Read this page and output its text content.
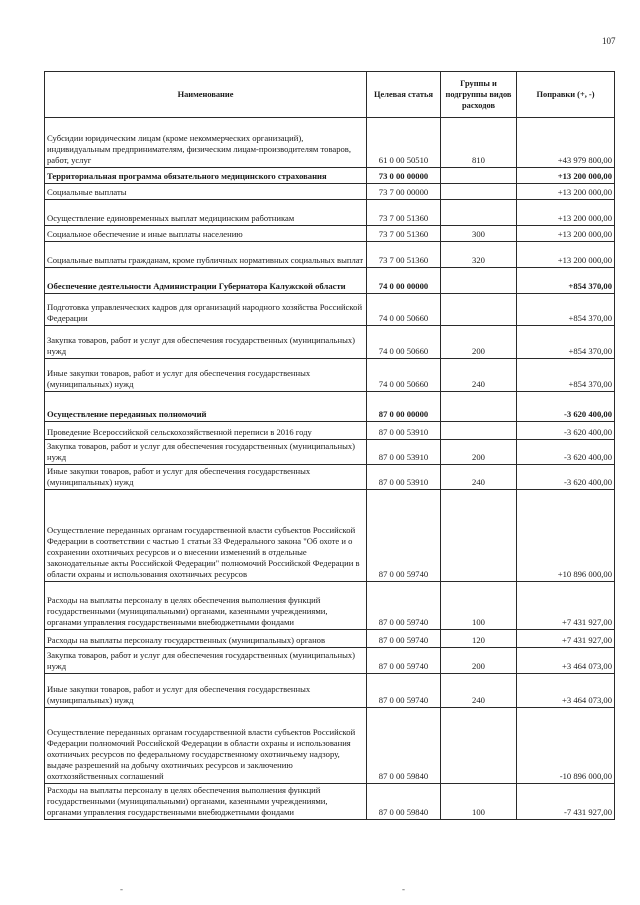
107
Наименование	Целевая статья	Группы и подгруппы видов расходов	Поправки (+, -)
Субсидии юридическим лицам (кроме некоммерческих организаций), индивидуальным предпринимателям, физическим лицам-производителям товаров, работ, услуг	61 0 00 50510	810	+43 979 800,00
Территориальная программа обязательного медицинского страхования	73 0 00 00000		+13 200 000,00
Социальные выплаты	73 7 00 00000		+13 200 000,00
Осуществление единовременных выплат медицинским работникам	73 7 00 51360		+13 200 000,00
Социальное обеспечение и иные выплаты населению	73 7 00 51360	300	+13 200 000,00
Социальные выплаты гражданам, кроме публичных нормативных социальных выплат	73 7 00 51360	320	+13 200 000,00
Обеспечение деятельности Администрации Губернатора Калужской области	74 0 00 00000		+854 370,00
Подготовка управленческих кадров для организаций народного хозяйства Российской Федерации	74 0 00 50660		+854 370,00
Закупка товаров, работ и услуг для обеспечения государственных (муниципальных) нужд	74 0 00 50660	200	+854 370,00
Иные закупки товаров, работ и услуг для обеспечения государственных (муниципальных) нужд	74 0 00 50660	240	+854 370,00
Осуществление переданных полномочий	87 0 00 00000		-3 620 400,00
Проведение Всероссийской сельскохозяйственной переписи в 2016 году	87 0 00 53910		-3 620 400,00
Закупка товаров, работ и услуг для обеспечения государственных (муниципальных) нужд	87 0 00 53910	200	-3 620 400,00
Иные закупки товаров, работ и услуг для обеспечения государственных (муниципальных) нужд	87 0 00 53910	240	-3 620 400,00
Осуществление переданных органам государственной власти субъектов Российской Федерации в соответствии с частью 1 статьи 33 Федерального закона "Об охоте и о сохранении охотничьих ресурсов и о внесении изменений в отдельные законодательные акты Российской Федерации" полномочий Российской Федерации в области охраны и использования охотничьих ресурсов	87 0 00 59740		+10 896 000,00
Расходы на выплаты персоналу в целях обеспечения выполнения функций государственными (муниципальными) органами, казенными учреждениями, органами управления государственными внебюджетными фондами	87 0 00 59740	100	+7 431 927,00
Расходы на выплаты персоналу государственных (муниципальных) органов	87 0 00 59740	120	+7 431 927,00
Закупка товаров, работ и услуг для обеспечения государственных (муниципальных) нужд	87 0 00 59740	200	+3 464 073,00
Иные закупки товаров, работ и услуг для обеспечения государственных (муниципальных) нужд	87 0 00 59740	240	+3 464 073,00
Осуществление переданных органам государственной власти субъектов Российской Федерации полномочий Российской Федерации в области охраны и использования охотничьих ресурсов по федеральному государственному охотничьему надзору, выдаче разрешений на добычу охотничьих ресурсов и заключению охотхозяйственных соглашений	87 0 00 59840		-10 896 000,00
Расходы на выплаты персоналу в целях обеспечения выполнения функций государственными (муниципальными) органами, казенными учреждениями, органами управления государственными внебюджетными фондами	87 0 00 59840	100	-7 431 927,00
-	-
